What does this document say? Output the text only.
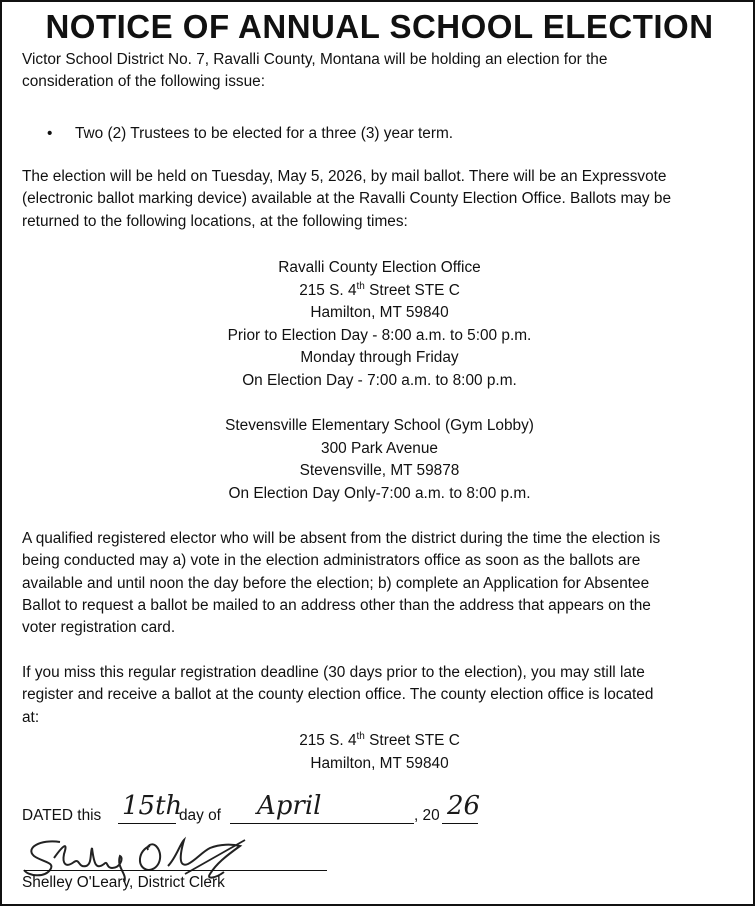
NOTICE OF ANNUAL SCHOOL ELECTION
Victor School District No. 7, Ravalli County, Montana will be holding an election for the
consideration of the following issue:
• Two (2) Trustees to be elected for a three (3) year term.
The election will be held on Tuesday, May 5, 2026, by mail ballot. There will be an Expressvote
(electronic ballot marking device) available at the Ravalli County Election Office. Ballots may be
returned to the following locations, at the following times:
Ravalli County Election Office
215 S. 4th Street STE C
Hamilton, MT 59840
Prior to Election Day - 8:00 a.m. to 5:00 p.m.
Monday through Friday
On Election Day - 7:00 a.m. to 8:00 p.m.
Stevensville Elementary School (Gym Lobby)
300 Park Avenue
Stevensville, MT 59878
On Election Day Only-7:00 a.m. to 8:00 p.m.
A qualified registered elector who will be absent from the district during the time the election is
being conducted may a) vote in the election administrators office as soon as the ballots are
available and until noon the day before the election; b) complete an Application for Absentee
Ballot to request a ballot be mailed to an address other than the address that appears on the
voter registration card.
If you miss this regular registration deadline (30 days prior to the election), you may still late
register and receive a ballot at the county election office. The county election office is located
at:
215 S. 4th Street STE C
Hamilton, MT 59840
DATED this 15th
day of April	, 20 26
Shelley O'Leary, District Clerk
